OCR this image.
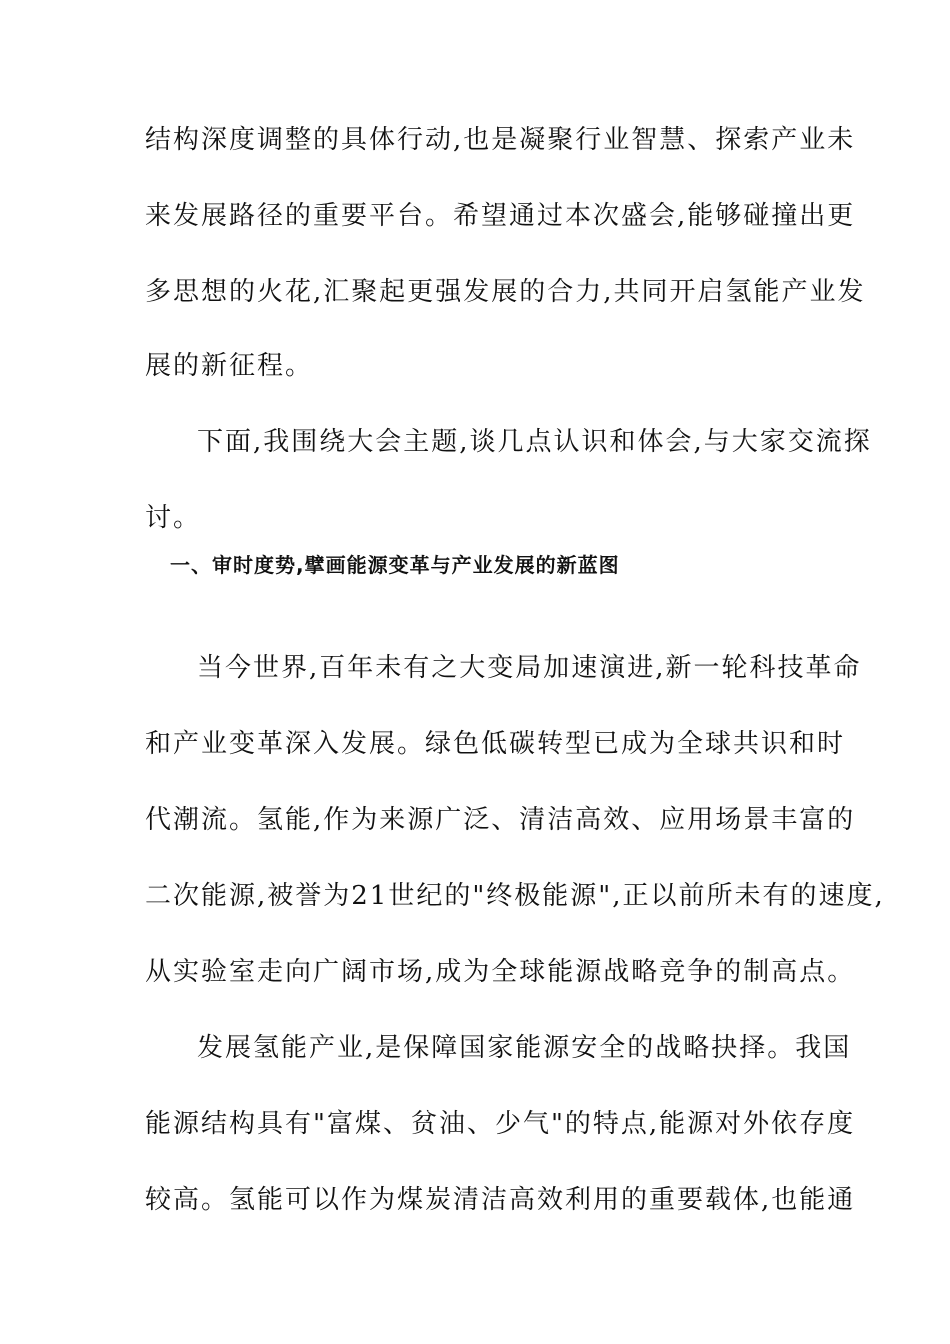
结构深度调整的具体行动,也是凝聚行业智慧、探索产业未
来发展路径的重要平台。希望通过本次盛会,能够碰撞出更
多思想的火花,汇聚起更强发展的合力,共同开启氢能产业发
展的新征程。
下面,我围绕大会主题,谈几点认识和体会,与大家交流探
讨。
一、审时度势,擘画能源变革与产业发展的新蓝图
当今世界,百年未有之大变局加速演进,新一轮科技革命
和产业变革深入发展。绿色低碳转型已成为全球共识和时
代潮流。氢能,作为来源广泛、清洁高效、应用场景丰富的
二次能源,被誉为21世纪的"终极能源",正以前所未有的速度,
从实验室走向广阔市场,成为全球能源战略竞争的制高点。
发展氢能产业,是保障国家能源安全的战略抉择。我国
能源结构具有"富煤、贫油、少气"的特点,能源对外依存度
较高。氢能可以作为煤炭清洁高效利用的重要载体,也能通
